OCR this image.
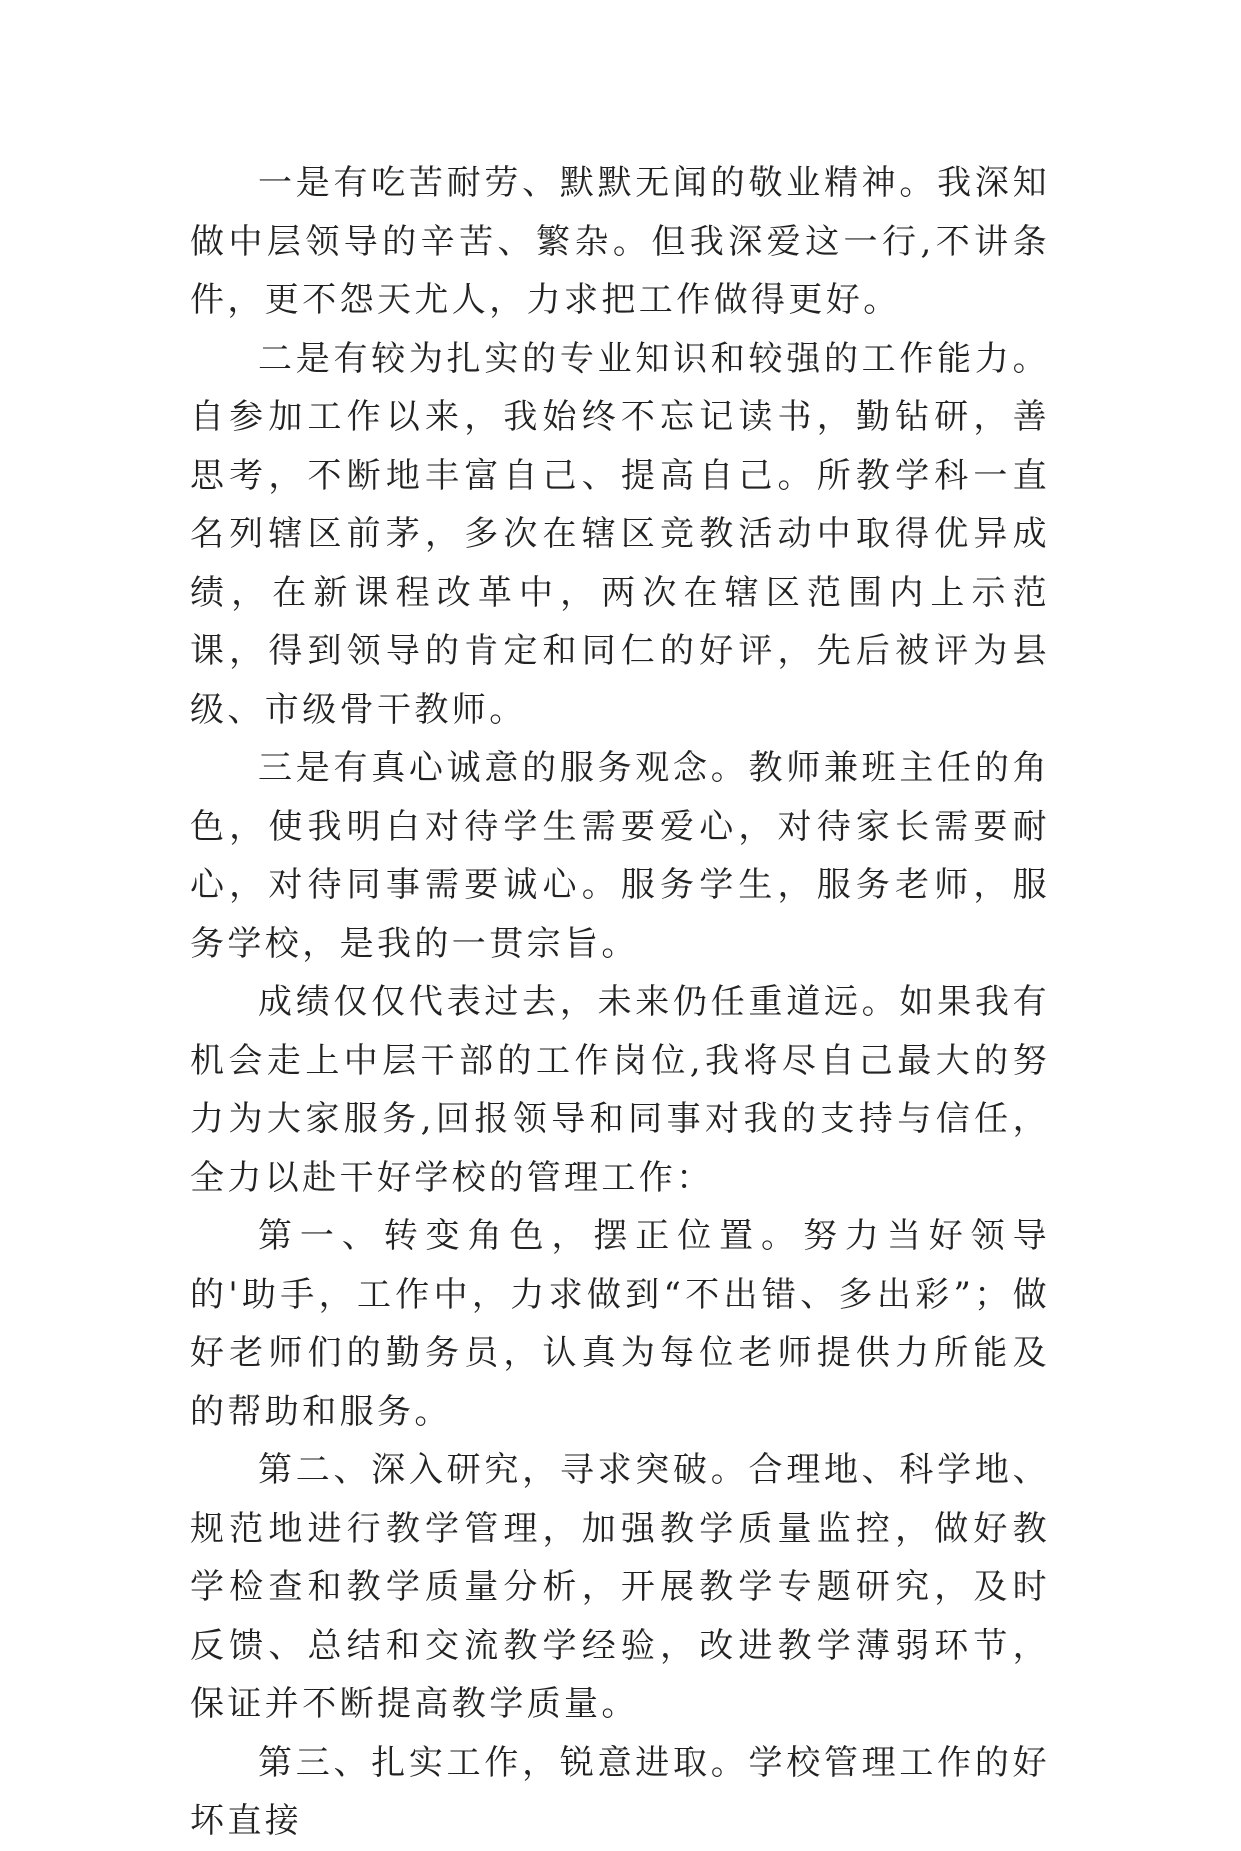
一是有吃苦耐劳、默默无闻的敬业精神。我深知做中层领导的辛苦、繁杂。但我深爱这一行,不讲条件，更不怨天尤人，力求把工作做得更好。

二是有较为扎实的专业知识和较强的工作能力。自参加工作以来，我始终不忘记读书，勤钻研，善思考，不断地丰富自己、提高自己。所教学科一直名列辖区前茅，多次在辖区竞教活动中取得优异成绩，在新课程改革中，两次在辖区范围内上示范课，得到领导的肯定和同仁的好评，先后被评为县级、市级骨干教师。

三是有真心诚意的服务观念。教师兼班主任的角色，使我明白对待学生需要爱心，对待家长需要耐心，对待同事需要诚心。服务学生，服务老师，服务学校，是我的一贯宗旨。

成绩仅仅代表过去，未来仍任重道远。如果我有机会走上中层干部的工作岗位,我将尽自己最大的努力为大家服务,回报领导和同事对我的支持与信任，全力以赴干好学校的管理工作：

第一、转变角色，摆正位置。努力当好领导的'助手，工作中，力求做到“不出错、多出彩”；做好老师们的勤务员，认真为每位老师提供力所能及的帮助和服务。

第二、深入研究，寻求突破。合理地、科学地、规范地进行教学管理，加强教学质量监控，做好教学检查和教学质量分析，开展教学专题研究，及时反馈、总结和交流教学经验，改进教学薄弱环节，保证并不断提高教学质量。

第三、扎实工作，锐意进取。学校管理工作的好坏直接
